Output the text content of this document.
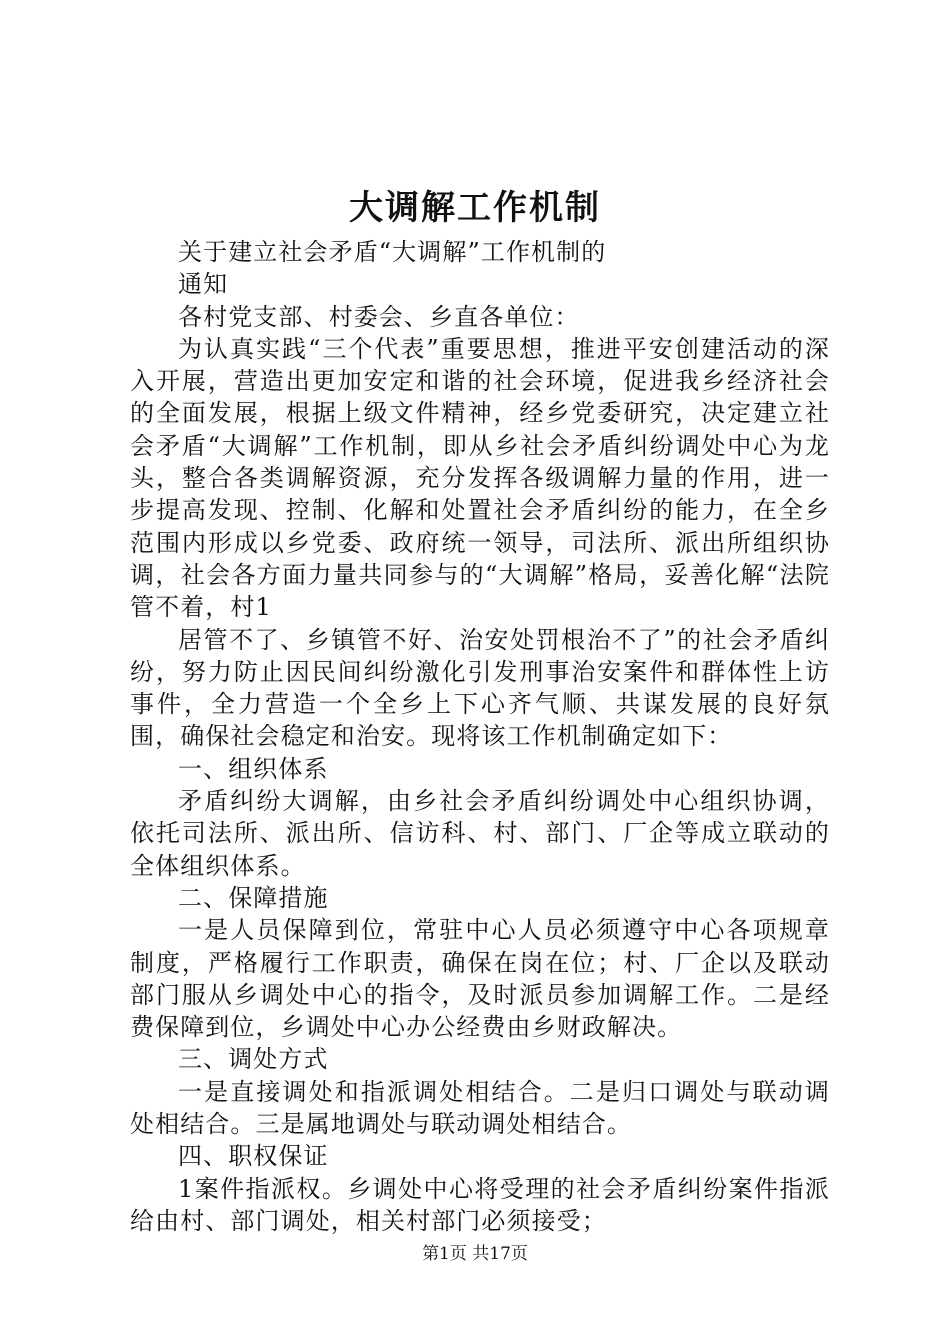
大调解工作机制

关于建立社会矛盾“大调解”工作机制的

通知

各村党支部、村委会、乡直各单位：

为认真实践“三个代表”重要思想，推进平安创建活动的深入开展，营造出更加安定和谐的社会环境，促进我乡经济社会的全面发展，根据上级文件精神，经乡党委研究，决定建立社会矛盾“大调解”工作机制，即从乡社会矛盾纠纷调处中心为龙头，整合各类调解资源，充分发挥各级调解力量的作用，进一步提高发现、控制、化解和处置社会矛盾纠纷的能力，在全乡范围内形成以乡党委、政府统一领导，司法所、派出所组织协调，社会各方面力量共同参与的“大调解”格局，妥善化解“法院管不着，村1

居管不了、乡镇管不好、治安处罚根治不了”的社会矛盾纠纷，努力防止因民间纠纷激化引发刑事治安案件和群体性上访事件，全力营造一个全乡上下心齐气顺、共谋发展的良好氛围，确保社会稳定和治安。现将该工作机制确定如下：

一、组织体系

矛盾纠纷大调解，由乡社会矛盾纠纷调处中心组织协调，依托司法所、派出所、信访科、村、部门、厂企等成立联动的全体组织体系。

二、保障措施

一是人员保障到位，常驻中心人员必须遵守中心各项规章制度，严格履行工作职责，确保在岗在位；村、厂企以及联动部门服从乡调处中心的指令，及时派员参加调解工作。二是经费保障到位，乡调处中心办公经费由乡财政解决。

三、调处方式

一是直接调处和指派调处相结合。二是归口调处与联动调处相结合。三是属地调处与联动调处相结合。

四、职权保证

1案件指派权。乡调处中心将受理的社会矛盾纠纷案件指派给由村、部门调处，相关村部门必须接受；

第1页 共17页
